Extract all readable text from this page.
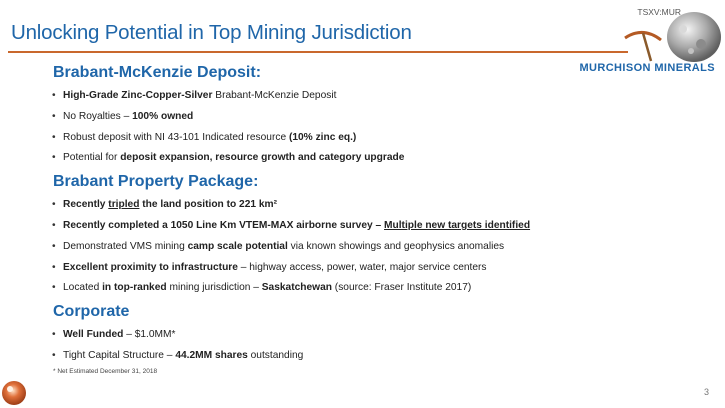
TSXV:MUR
Unlocking Potential in Top Mining Jurisdiction
MURCHISON MINERALS
Brabant-McKenzie Deposit:
• High-Grade Zinc-Copper-Silver Brabant-McKenzie Deposit
• No Royalties – 100% owned
• Robust deposit with NI 43-101 Indicated resource (10% zinc eq.)
• Potential for deposit expansion, resource growth and category upgrade
Brabant Property Package:
• Recently tripled the land position to 221 km²
• Recently completed a 1050 Line Km VTEM-MAX airborne survey – Multiple new targets identified
• Demonstrated VMS mining camp scale potential via known showings and geophysics anomalies
• Excellent proximity to infrastructure – highway access, power, water, major service centers
• Located in top-ranked mining jurisdiction – Saskatchewan (source: Fraser Institute 2017)
Corporate
• Well Funded – $1.0MM*
• Tight Capital Structure – 44.2MM shares outstanding
* Net Estimated December 31, 2018
3
